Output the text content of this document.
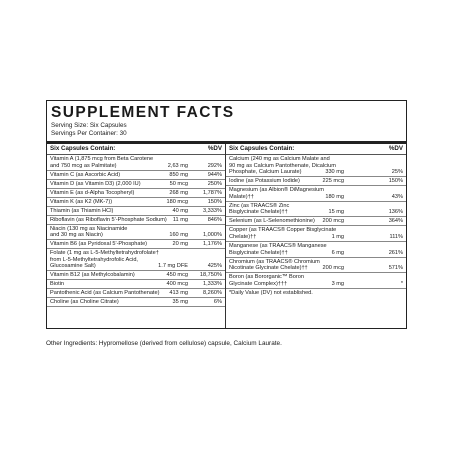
SUPPLEMENT FACTS
Serving Size: Six Capsules
Servings Per Container: 30
Six Capsules Contain:	%DV
Vitamin A (1,875 mcg from Beta Carotene
and 750 mcg as Palmitate)	2,63 mg	292%
Vitamin C (as Ascorbic Acid)	850 mg	944%
Vitamin D (as Vitamin D3) (2,000 IU)	50 mcg	250%
Vitamin E (as d-Alpha Tocopheryl)	268 mg	1,787%
Vitamin K (as K2 (MK-7))	180 mcg	150%
Thiamin (as Thiamin HCl)	40 mg	3,333%
Riboflavin (as Riboflavin 5'-Phosphate Sodium) 11 mg	846%
Niacin (130 mg as Niacinamide
and 30 mg as Niacin)	160 mg	1,000%
Vitamin B6 (as Pyridoxal 5'-Phosphate)	20 mg	1,176%
Folate (1 mg as L-5-Methyltetrahydrofolate†
from L-5-Methyltetrahydrofolic Acid,
Glucosamine Salt)	1.7 mg DFE	425%
Vitamin B12 (as Methylcobalamin)	450 mcg 18,750%
Biotin	400 mcg	1,333%
Pantothenic Acid (as Calcium Pantothenate) 413 mg	8,260%
Choline (as Choline Citrate)	35 mg	6%
Six Capsules Contain:	%DV
Calcium (240 mg as Calcium Malate and
90 mg as Calcium Pantothenate, Dicalcium
Phosphate, Calcium Laurate)	330 mg	25%
Iodine (as Potassium Iodide)	225 mcg	150%
Magnesium (as Albion® DiMagnesium
Malate)††	180 mg	43%
Zinc (as TRAACS® Zinc
Bisglycinate Chelate)††	15 mg	136%
Selenium (as L-Selenomethionine) 200 mcg	364%
Copper (as TRAACS® Copper Bisglycinate
Chelate)††	1 mg	111%
Manganese (as TRAACS® Manganese
Bisglycinate Chelate)††	6 mg	261%
Chromium (as TRAACS® Chromium
Nicotinate Glycinate Chelate)††	200 mcg	571%
Boron (as Bororganic™ Boron
Glycinate Complex)†††	3 mg	*
*Daily Value (DV) not established.
Other Ingredients: Hypromellose (derived from cellulose) capsule, Calcium Laurate.
